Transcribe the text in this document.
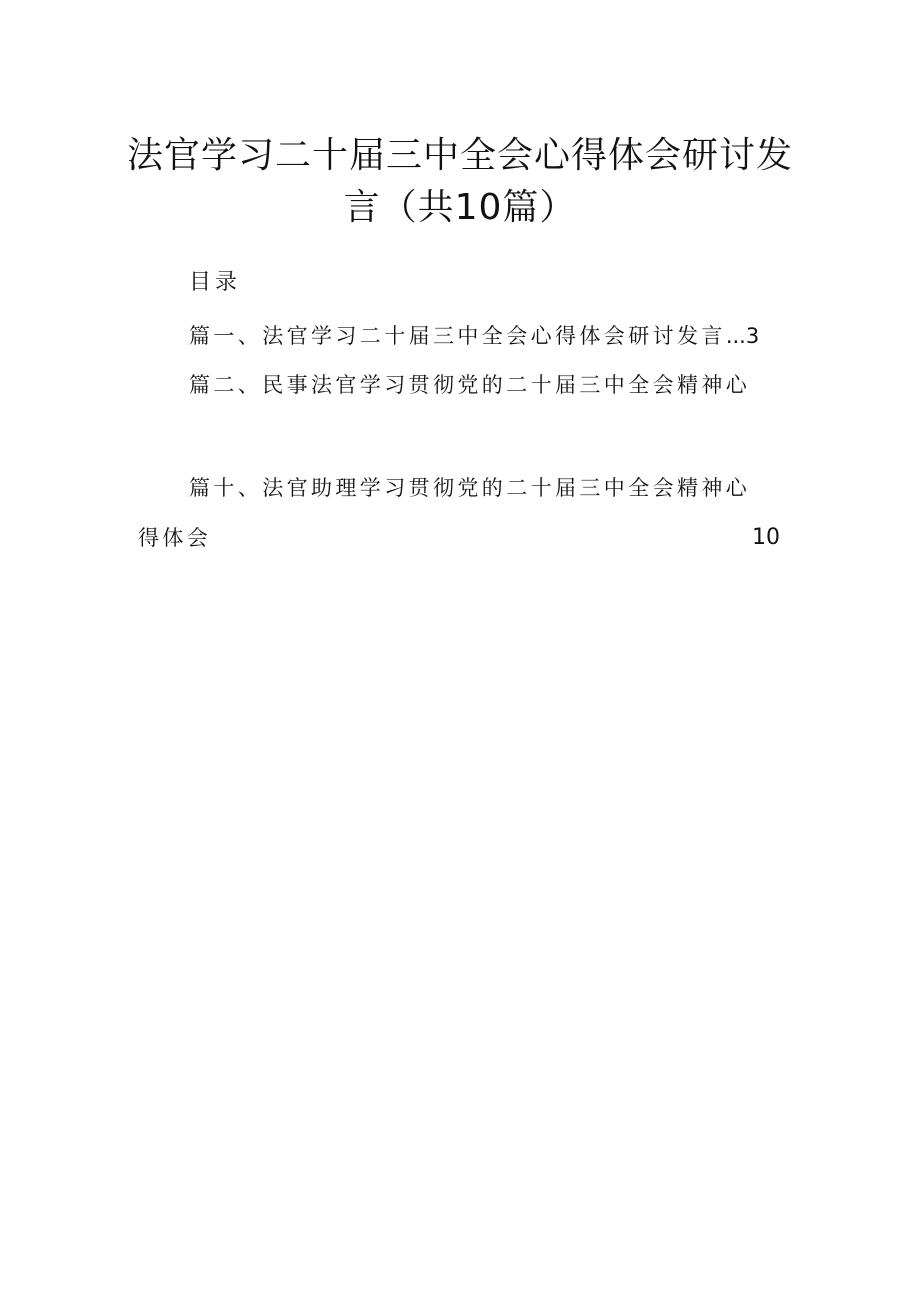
法官学习二十届三中全会心得体会研讨发
言（共10篇）
目录
篇一、法官学习二十届三中全会心得体会研讨发言...3
篇二、民事法官学习贯彻党的二十届三中全会精神心
篇十、法官助理学习贯彻党的二十届三中全会精神心
得体会	10
